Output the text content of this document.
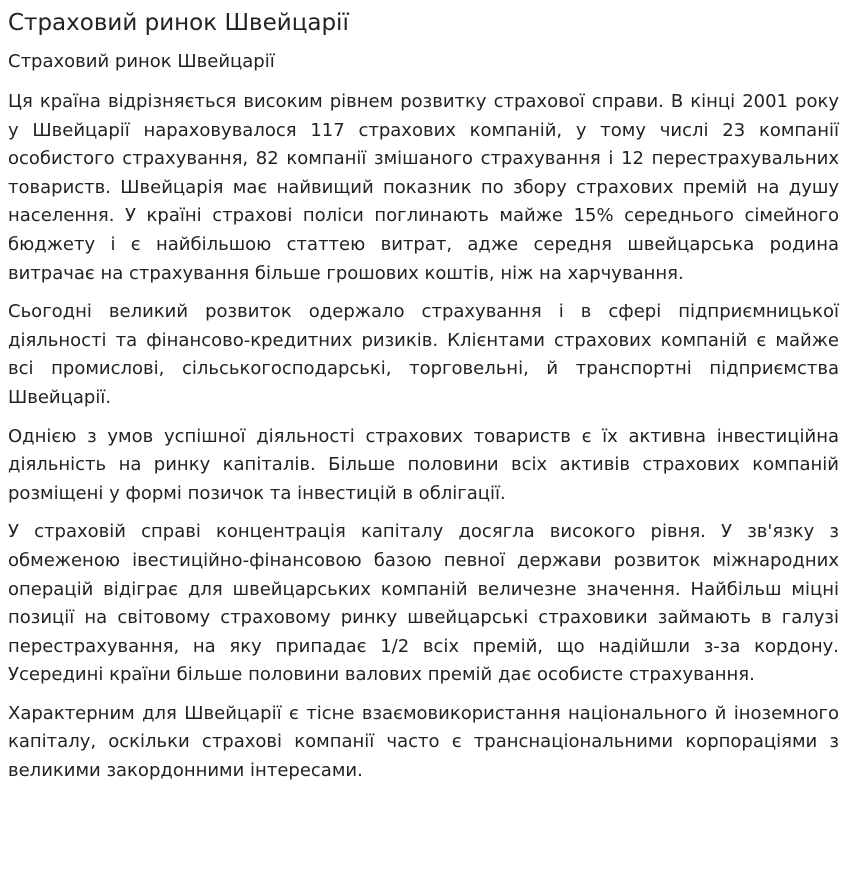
Страховий ринок Швейцарії
Страховий ринок Швейцарії

Ця країна відрізняється високим рівнем розвитку страхової справи. В кінці 2001 року у Швейцарії нараховувалося 117 страхових компаній, у тому числі 23 компанії особистого страхування, 82 компанії змішаного страхування і 12 перестрахувальних товариств. Швейцарія має найвищий показник по збору страхових премій на душу населення. У країні страхові поліси поглинають майже 15% середнього сімейного бюджету і є найбільшою статтею витрат, адже середня швейцарська родина витрачає на страхування більше грошових коштів, ніж на харчування.

Сьогодні великий розвиток одержало страхування і в сфері підприємницької діяльності та фінансово-кредитних ризиків. Клієнтами страхових компаній є майже всі промислові, сільськогосподарські, торговельні, й транспортні підприємства Швейцарії.

Однією з умов успішної діяльності страхових товариств є їх активна інвестиційна діяльність на ринку капіталів. Більше половини всіх активів страхових компаній розміщені у формі позичок та інвестицій в облігації.

У страховій справі концентрація капіталу досягла високого рівня. У зв'язку з обмеженою івестиційно-фінансовою базою певної держави розвиток міжнародних операцій відіграє для швейцарських компаній величезне значення. Найбільш міцні позиції на світовому страховому ринку швейцарські страховики займають в галузі перестрахування, на яку припадає 1/2 всіх премій, що надійшли з-за кордону. Усередині країни більше половини валових премій дає особисте страхування.

Характерним для Швейцарії є тісне взаємовикористання національного й іноземного капіталу, оскільки страхові компанії часто є транснаціональними корпораціями з великими закордонними інтересами.
